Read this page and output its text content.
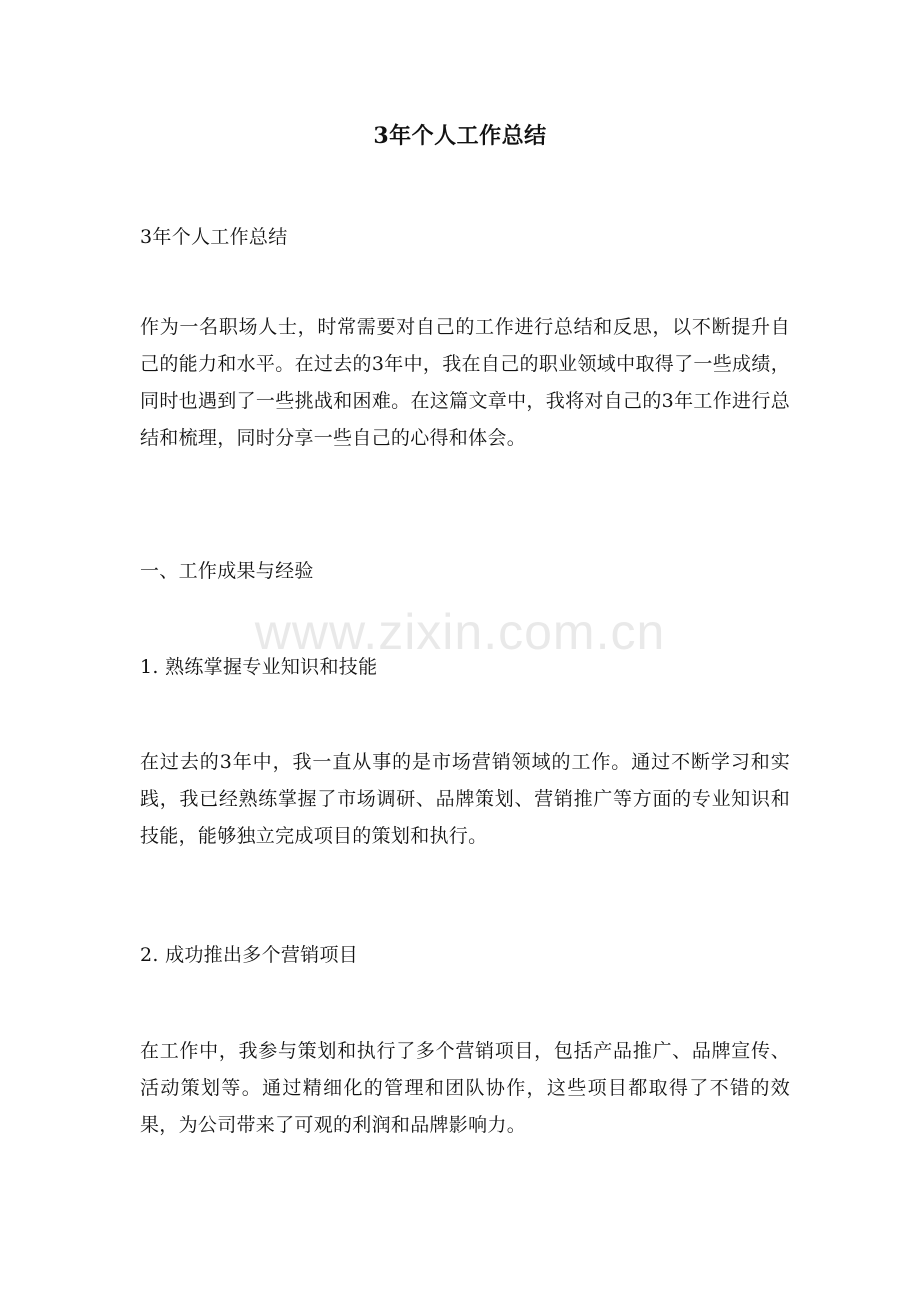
3年个人工作总结
3年个人工作总结

作为一名职场人士，时常需要对自己的工作进行总结和反思，以不断提升自己的能力和水平。在过去的3年中，我在自己的职业领域中取得了一些成绩，同时也遇到了一些挑战和困难。在这篇文章中，我将对自己的3年工作进行总结和梳理，同时分享一些自己的心得和体会。

一、工作成果与经验
1. 熟练掌握专业知识和技能

在过去的3年中，我一直从事的是市场营销领域的工作。通过不断学习和实践，我已经熟练掌握了市场调研、品牌策划、营销推广等方面的专业知识和技能，能够独立完成项目的策划和执行。

2. 成功推出多个营销项目

在工作中，我参与策划和执行了多个营销项目，包括产品推广、品牌宣传、活动策划等。通过精细化的管理和团队协作，这些项目都取得了不错的效果，为公司带来了可观的利润和品牌影响力。

www.zixin.com.cn
